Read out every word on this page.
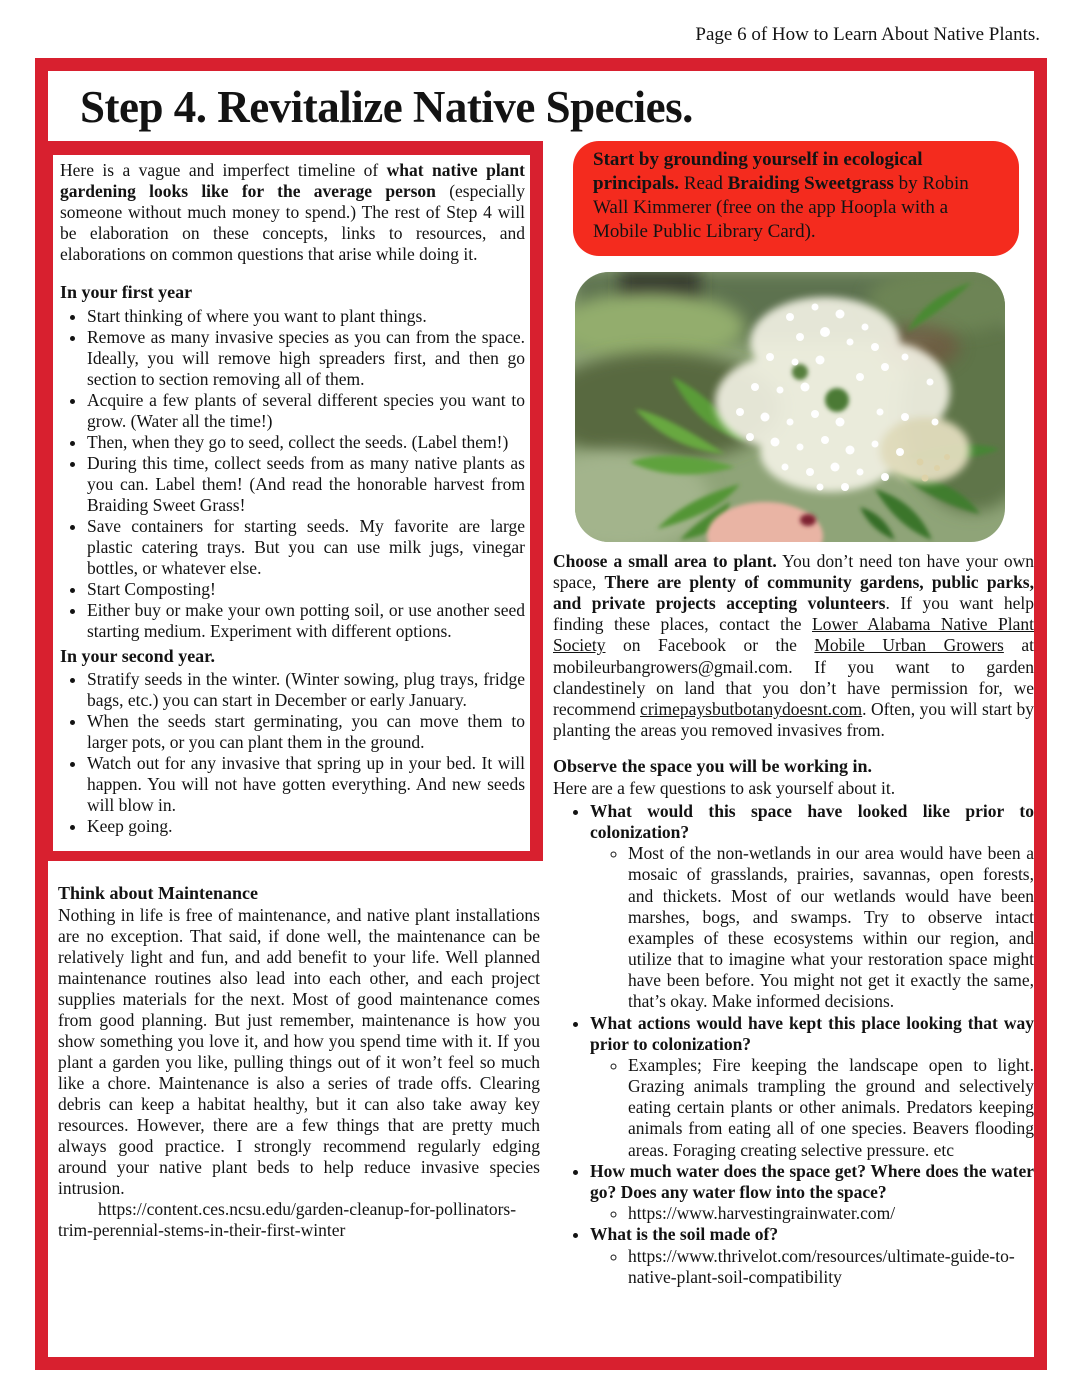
Page 6 of How to Learn About Native Plants.
Step 4. Revitalize Native Species.

Here is a vague and imperfect timeline of what native plant gardening looks like for the average person (especially someone without much money to spend.) The rest of Step 4 will be elaboration on these concepts, links to resources, and elaborations on common questions that arise while doing it.

In your first year
• Start thinking of where you want to plant things.
• Remove as many invasive species as you can from the space. Ideally, you will remove high spreaders first, and then go section to section removing all of them.
• Acquire a few plants of several different species you want to grow. (Water all the time!)
• Then, when they go to seed, collect the seeds. (Label them!)
• During this time, collect seeds from as many native plants as you can. Label them! (And read the honorable harvest from Braiding Sweet Grass!
• Save containers for starting seeds. My favorite are large plastic catering trays. But you can use milk jugs, vinegar bottles, or whatever else.
• Start Composting!
• Either buy or make your own potting soil, or use another seed starting medium. Experiment with different options.
In your second year.
• Stratify seeds in the winter. (Winter sowing, plug trays, fridge bags, etc.) you can start in December or early January.
• When the seeds start germinating, you can move them to larger pots, or you can plant them in the ground.
• Watch out for any invasive that spring up in your bed. It will happen. You will not have gotten everything. And new seeds will blow in.
• Keep going.
Think about Maintenance

Nothing in life is free of maintenance, and native plant installations are no exception. That said, if done well, the maintenance can be relatively light and fun, and add benefit to your life. Well planned maintenance routines also lead into each other, and each project supplies materials for the next. Most of good maintenance comes from good planning. But just remember, maintenance is how you show something you love it, and how you spend time with it. If you plant a garden you like, pulling things out of it won’t feel so much like a chore. Maintenance is also a series of trade offs. Clearing debris can keep a habitat healthy, but it can also take away key resources. However, there are a few things that are pretty much always good practice. I strongly recommend regularly edging around your native plant beds to help reduce invasive species intrusion.

https://content.ces.ncsu.edu/garden-cleanup-for-pollinators-trim-perennial-stems-in-their-first-winter

Start by grounding yourself in ecological principals. Read Braiding Sweetgrass by Robin Wall Kimmerer (free on the app Hoopla with a Mobile Public Library Card).

Choose a small area to plant. You don’t need ton have your own space, There are plenty of community gardens, public parks, and private projects accepting volunteers. If you want help finding these places, contact the Lower Alabama Native Plant Society on Facebook or the Mobile Urban Growers at mobileurbangrowers@gmail.com. If you want to garden clandestinely on land that you don’t have permission for, we recommend crimepaysbutbotanydoesnt.com. Often, you will start by planting the areas you removed invasives from.

Observe the space you will be working in.

Here are a few questions to ask yourself about it.

• What would this space have looked like prior to colonization?
◦ Most of the non-wetlands in our area would have been a mosaic of grasslands, prairies, savannas, open forests, and thickets. Most of our wetlands would have been marshes, bogs, and swamps. Try to observe intact examples of these ecosystems within our region, and utilize that to imagine what your restoration space might have been before. You might not get it exactly the same, that’s okay. Make informed decisions.
• What actions would have kept this place looking that way prior to colonization?
◦ Examples; Fire keeping the landscape open to light. Grazing animals trampling the ground and selectively eating certain plants or other animals. Predators keeping animals from eating all of one species. Beavers flooding areas. Foraging creating selective pressure. etc
• How much water does the space get? Where does the water go? Does any water flow into the space?
◦ https://www.harvestingrainwater.com/
• What is the soil made of?
◦ https://www.thrivelot.com/resources/ultimate-guide-to-native-plant-soil-compatibility
